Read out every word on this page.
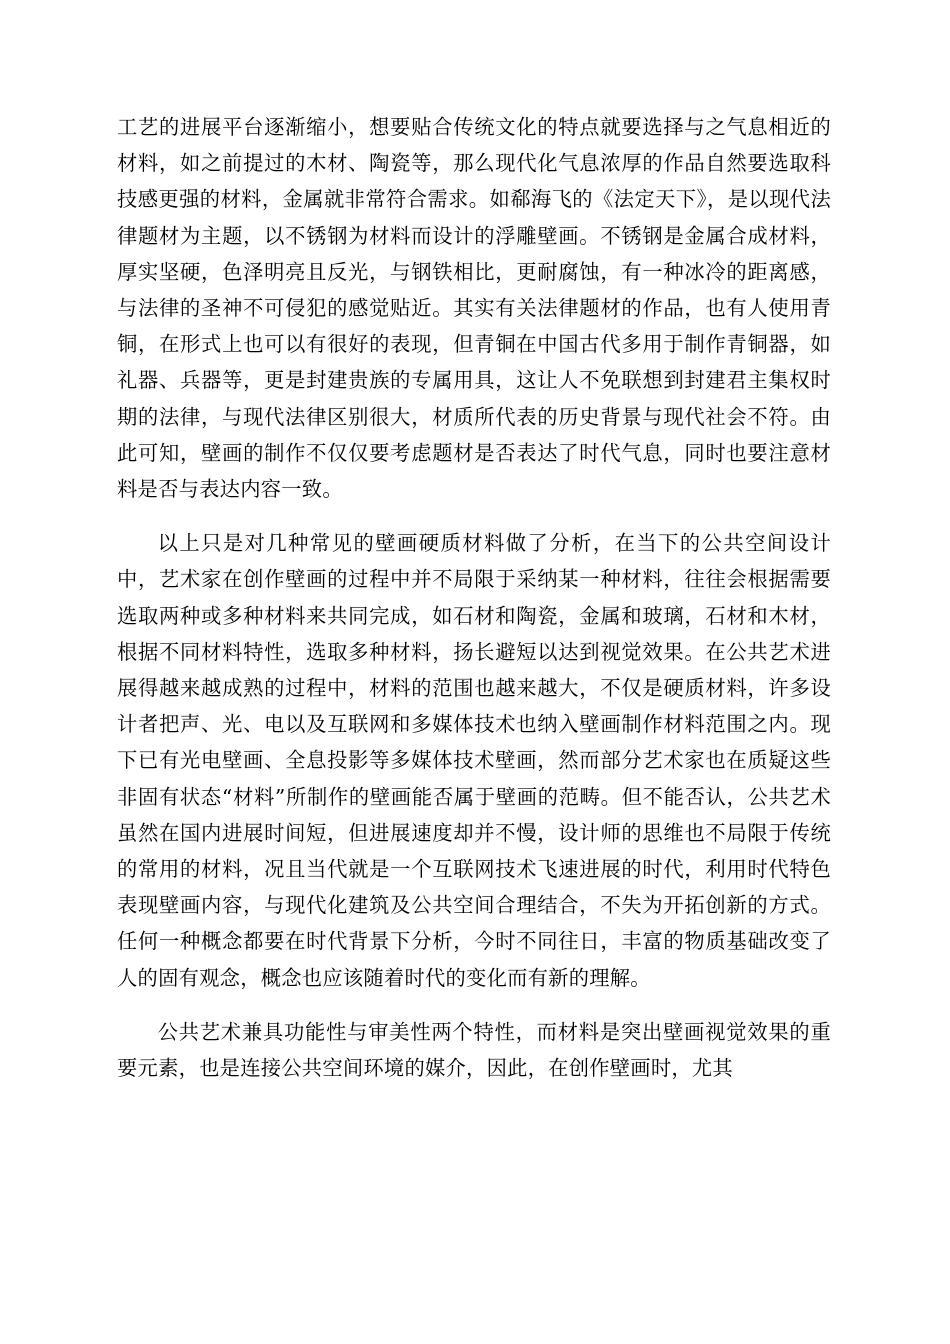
工艺的进展平台逐渐缩小，想要贴合传统文化的特点就要选择与之气息相近的材料，如之前提过的木材、陶瓷等，那么现代化气息浓厚的作品自然要选取科技感更强的材料，金属就非常符合需求。如郗海飞的《法定天下》，是以现代法律题材为主题，以不锈钢为材料而设计的浮雕壁画。不锈钢是金属合成材料，厚实坚硬，色泽明亮且反光，与钢铁相比，更耐腐蚀，有一种冰冷的距离感，与法律的圣神不可侵犯的感觉贴近。其实有关法律题材的作品，也有人使用青铜，在形式上也可以有很好的表现，但青铜在中国古代多用于制作青铜器，如礼器、兵器等，更是封建贵族的专属用具，这让人不免联想到封建君主集权时期的法律，与现代法律区别很大，材质所代表的历史背景与现代社会不符。由此可知，壁画的制作不仅仅要考虑题材是否表达了时代气息，同时也要注意材料是否与表达内容一致。

以上只是对几种常见的壁画硬质材料做了分析，在当下的公共空间设计中，艺术家在创作壁画的过程中并不局限于采纳某一种材料，往往会根据需要选取两种或多种材料来共同完成，如石材和陶瓷，金属和玻璃，石材和木材，根据不同材料特性，选取多种材料，扬长避短以达到视觉效果。在公共艺术进展得越来越成熟的过程中，材料的范围也越来越大，不仅是硬质材料，许多设计者把声、光、电以及互联网和多媒体技术也纳入壁画制作材料范围之内。现下已有光电壁画、全息投影等多媒体技术壁画，然而部分艺术家也在质疑这些非固有状态“材料”所制作的壁画能否属于壁画的范畴。但不能否认，公共艺术虽然在国内进展时间短，但进展速度却并不慢，设计师的思维也不局限于传统的常用的材料，况且当代就是一个互联网技术飞速进展的时代，利用时代特色表现壁画内容，与现代化建筑及公共空间合理结合，不失为开拓创新的方式。任何一种概念都要在时代背景下分析，今时不同往日，丰富的物质基础改变了人的固有观念，概念也应该随着时代的变化而有新的理解。

公共艺术兼具功能性与审美性两个特性，而材料是突出壁画视觉效果的重要元素，也是连接公共空间环境的媒介，因此，在创作壁画时，尤其
